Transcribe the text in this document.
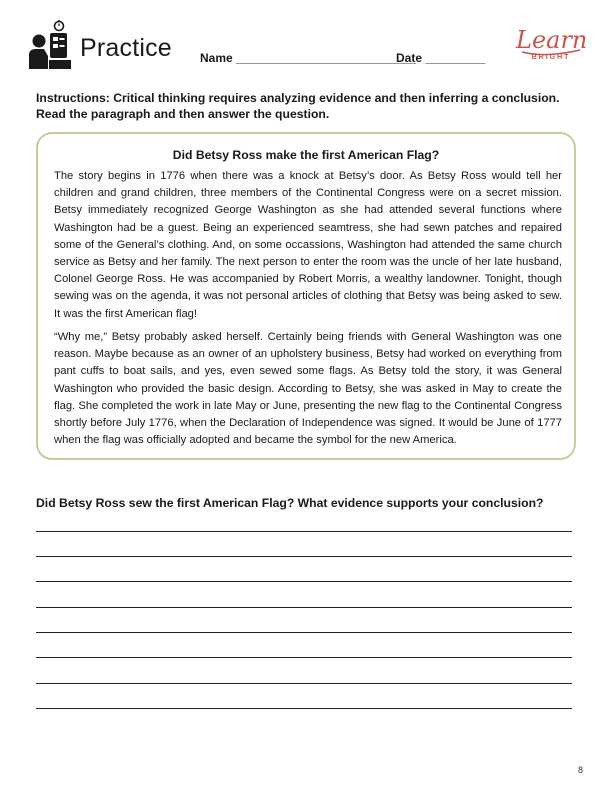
Practice Name ___________________________
Date _________
Learn
BRIGHT
Instructions: Critical thinking requires analyzing evidence and then inferring a conclusion. Read the paragraph and then answer the question.
Did Betsy Ross make the first American Flag?

The story begins in 1776 when there was a knock at Betsy’s door. As Betsy Ross would tell her children and grand children, three members of the Continental Congress were on a secret mission. Betsy immediately recognized George Washington as she had attended several functions where Washington had be a guest. Being an experienced seamtress, she had sewn patches and repaired some of the General’s clothing. And, on some occassions, Washington had attended the same church service as Betsy and her family. The next person to enter the room was the uncle of her late husband, Colonel George Ross. He was accompanied by Robert Morris, a wealthy landowner. Tonight, though sewing was on the agenda, it was not personal articles of clothing that Betsy was being asked to sew. It was the first American flag!

“Why me,” Betsy probably asked herself. Certainly being friends with General Washington was one reason. Maybe because as an owner of an upholstery business, Betsy had worked on everything from pant cuffs to boat sails, and yes, even sewed some flags. As Betsy told the story, it was General Washington who provided the basic design. According to Betsy, she was asked in May to create the flag. She completed the work in late May or June, presenting the new flag to the Continental Congress shortly before July 1776, when the Declaration of Independence was signed. It would be June of 1777 when the flag was officially adopted and became the symbol for the new America.

Did Betsy Ross sew the first American Flag? What evidence supports your conclusion?
8
